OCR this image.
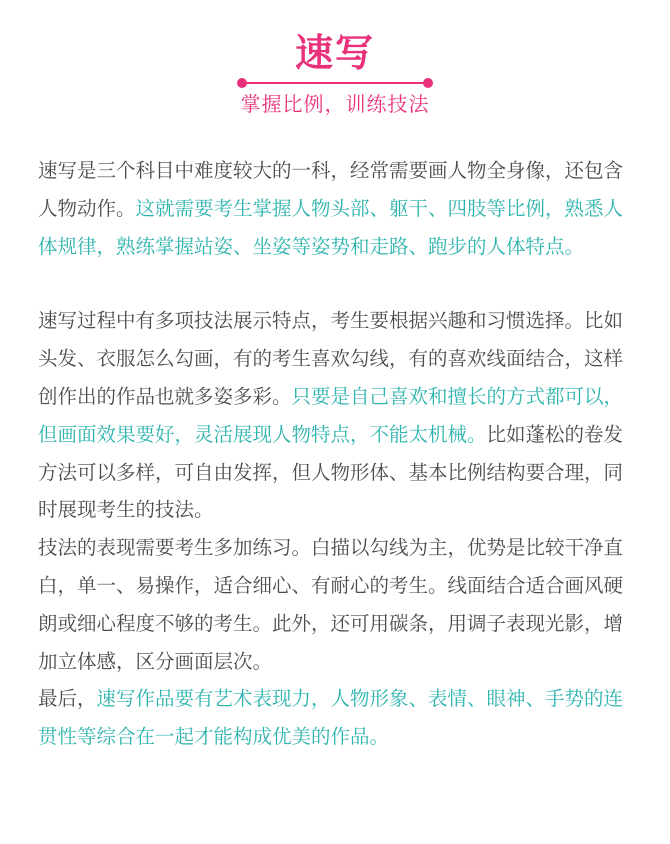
速写
掌握比例，训练技法

速写是三个科目中难度较大的一科，经常需要画人物全身像，还包含人物动作。这就需要考生掌握人物头部、躯干、四肢等比例，熟悉人体规律，熟练掌握站姿、坐姿等姿势和走路、跑步的人体特点。

速写过程中有多项技法展示特点，考生要根据兴趣和习惯选择。比如头发、衣服怎么勾画，有的考生喜欢勾线，有的喜欢线面结合，这样创作出的作品也就多姿多彩。只要是自己喜欢和擅长的方式都可以，但画面效果要好，灵活展现人物特点，不能太机械。比如蓬松的卷发方法可以多样，可自由发挥，但人物形体、基本比例结构要合理，同时展现考生的技法。

技法的表现需要考生多加练习。白描以勾线为主，优势是比较干净直白，单一、易操作，适合细心、有耐心的考生。线面结合适合画风硬朗或细心程度不够的考生。此外，还可用碳条，用调子表现光影，增加立体感，区分画面层次。

最后，速写作品要有艺术表现力，人物形象、表情、眼神、手势的连贯性等综合在一起才能构成优美的作品。
